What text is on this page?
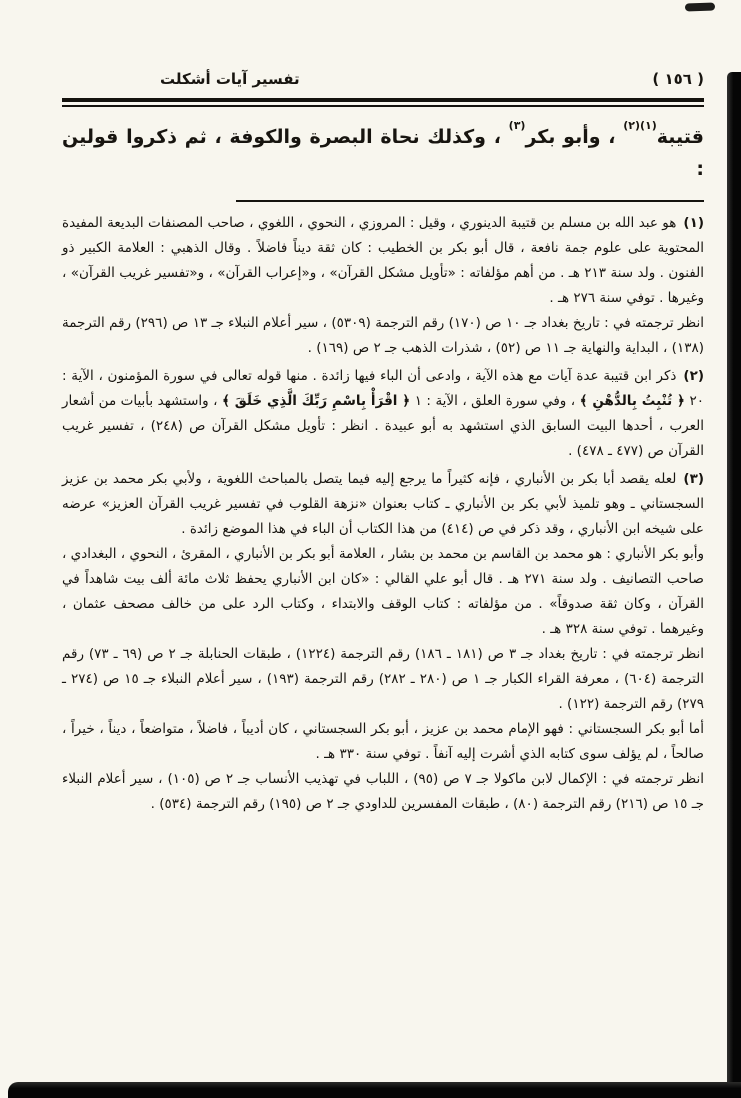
( ١٥٦ )
تفسير آيات أشكلت

قتيبة$^{(١)(٢)}$ ، وأبو بكر$^{(٣)}$ ، وكذلك نحاة البصرة والكوفة ، ثم ذكروا قولين :

(١)هو عبد الله بن مسلم بن قتيبة الدينوري ، وقيل : المروزي ، النحوي ، اللغوي ، صاحب المصنفات البديعة المفيدة المحتوية على علوم جمة نافعة ، قال أبو بكر بن الخطيب : كان ثقة ديناً فاضلاً . وقال الذهبي : العلامة الكبير ذو الفنون . ولد سنة ٢١٣ هـ . من أهم مؤلفاته : «تأويل مشكل القرآن» ، و«إعراب القرآن» ، و«تفسير غريب القرآن» ، وغيرها . توفي سنة ٢٧٦ هـ .

انظر ترجمته في : تاريخ بغداد جـ ١٠ ص (١٧٠) رقم الترجمة (٥٣٠٩) ، سير أعلام النبلاء جـ ١٣ ص (٢٩٦) رقم الترجمة (١٣٨) ، البداية والنهاية جـ ١١ ص (٥٢) ، شذرات الذهب جـ ٢ ص (١٦٩) .

(٢)ذكر ابن قتيبة عدة آيات مع هذه الآية ، وادعى أن الباء فيها زائدة . منها قوله تعالى في سورة المؤمنون ، الآية : ٢٠ ﴿ تُنْبِتُ بِالدُّهْنِ ﴾ ، وفي سورة العلق ، الآية : ١ ﴿ اقْرَأْ بِاسْمِ رَبِّكَ الَّذِي خَلَقَ ﴾ ، واستشهد بأبيات من أشعار العرب ، أحدها البيت السابق الذي استشهد به أبو عبيدة . انظر : تأويل مشكل القرآن ص (٢٤٨) ، تفسير غريب القرآن ص (٤٧٧ ـ ٤٧٨) .

(٣)لعله يقصد أبا بكر بن الأنباري ، فإنه كثيراً ما يرجع إليه فيما يتصل بالمباحث اللغوية ، ولأبي بكر محمد بن عزيز السجستاني ـ وهو تلميذ لأبي بكر بن الأنباري ـ كتاب بعنوان «نزهة القلوب في تفسير غريب القرآن العزيز» عرضه على شيخه ابن الأنباري ، وقد ذكر في ص (٤١٤) من هذا الكتاب أن الباء في هذا الموضع زائدة .

وأبو بكر الأنباري : هو محمد بن القاسم بن محمد بن بشار ، العلامة أبو بكر بن الأنباري ، المقرئ ، النحوي ، البغدادي ، صاحب التصانيف . ولد سنة ٢٧١ هـ . قال أبو علي القالي : «كان ابن الأنباري يحفظ ثلاث مائة ألف بيت شاهداً في القرآن ، وكان ثقة صدوقاً» . من مؤلفاته : كتاب الوقف والابتداء ، وكتاب الرد على من خالف مصحف عثمان ، وغيرهما . توفي سنة ٣٢٨ هـ .

انظر ترجمته في : تاريخ بغداد جـ ٣ ص (١٨١ ـ ١٨٦) رقم الترجمة (١٢٢٤) ، طبقات الحنابلة جـ ٢ ص (٦٩ ـ ٧٣) رقم الترجمة (٦٠٤) ، معرفة القراء الكبار جـ ١ ص (٢٨٠ ـ ٢٨٢) رقم الترجمة (١٩٣) ، سير أعلام النبلاء جـ ١٥ ص (٢٧٤ ـ ٢٧٩) رقم الترجمة (١٢٢) .

أما أبو بكر السجستاني : فهو الإمام محمد بن عزيز ، أبو بكر السجستاني ، كان أديباً ، فاضلاً ، متواضعاً ، ديناً ، خيراً ، صالحاً ، لم يؤلف سوى كتابه الذي أشرت إليه آنفاً . توفي سنة ٣٣٠ هـ .

انظر ترجمته في : الإكمال لابن ماكولا جـ ٧ ص (٩٥) ، اللباب في تهذيب الأنساب جـ ٢ ص (١٠٥) ، سير أعلام النبلاء جـ ١٥ ص (٢١٦) رقم الترجمة (٨٠) ، طبقات المفسرين للداودي جـ ٢ ص (١٩٥) رقم الترجمة (٥٣٤) .
